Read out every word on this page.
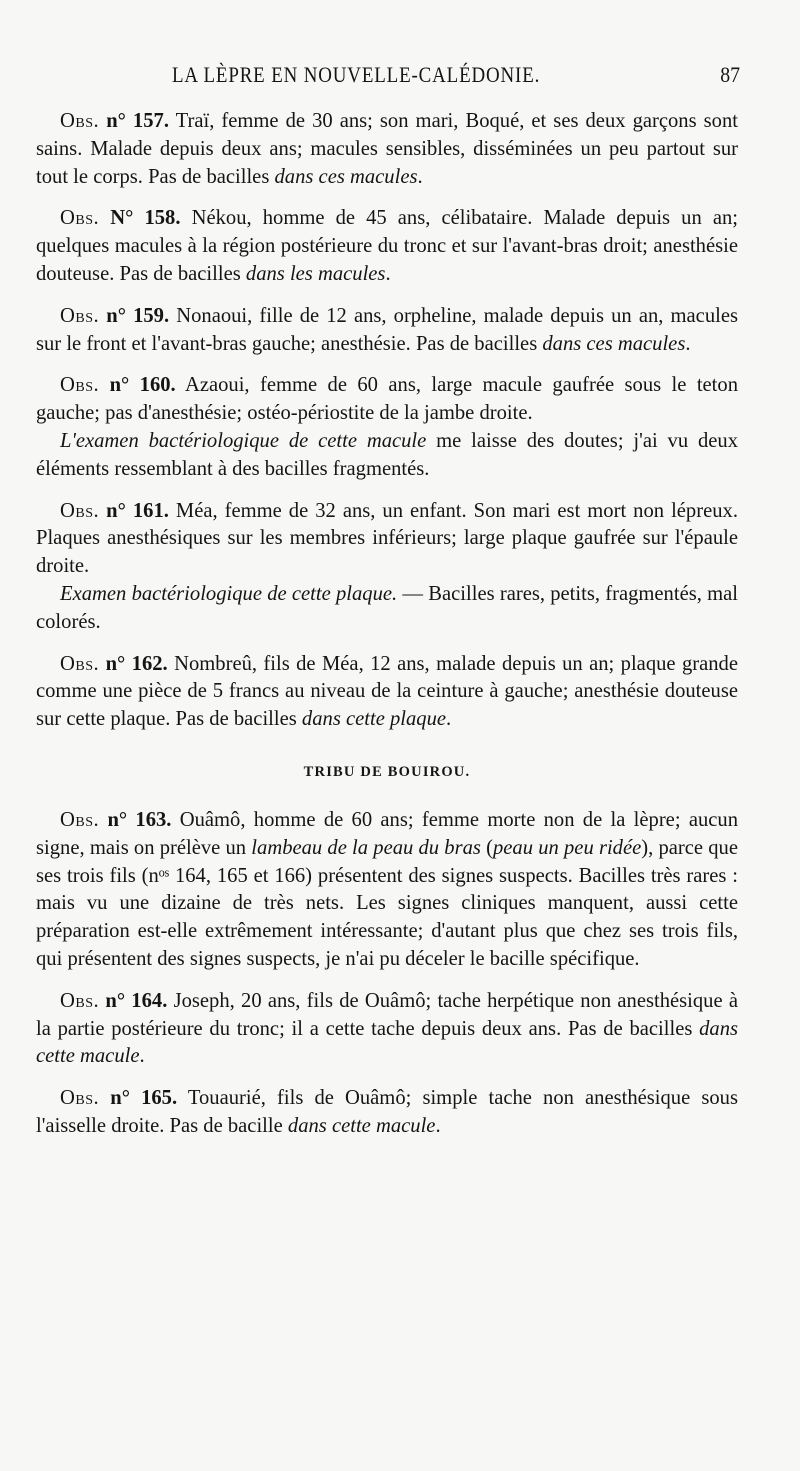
LA LÈPRE EN NOUVELLE-CALÉDONIE.	87

Obs. n° 157. Traï, femme de 30 ans; son mari, Boqué, et ses deux garçons sont sains. Malade depuis deux ans; macules sensibles, disséminées un peu partout sur tout le corps. Pas de bacilles dans ces macules.

Obs. N° 158. Nékou, homme de 45 ans, célibataire. Malade depuis un an; quelques macules à la région postérieure du tronc et sur l'avant-bras droit; anesthésie douteuse. Pas de bacilles dans les macules.

Obs. n° 159. Nonaoui, fille de 12 ans, orpheline, malade depuis un an, macules sur le front et l'avant-bras gauche; anesthésie. Pas de bacilles dans ces macules.

Obs. n° 160. Azaoui, femme de 60 ans, large macule gaufrée sous le teton gauche; pas d'anesthésie; ostéo-périostite de la jambe droite.

L'examen bactériologique de cette macule me laisse des doutes; j'ai vu deux éléments ressemblant à des bacilles fragmentés.

Obs. n° 161. Méa, femme de 32 ans, un enfant. Son mari est mort non lépreux. Plaques anesthésiques sur les membres inférieurs; large plaque gaufrée sur l'épaule droite.

Examen bactériologique de cette plaque. — Bacilles rares, petits, fragmentés, mal colorés.

Obs. n° 162. Nombreû, fils de Méa, 12 ans, malade depuis un an; plaque grande comme une pièce de 5 francs au niveau de la ceinture à gauche; anesthésie douteuse sur cette plaque. Pas de bacilles dans cette plaque.

TRIBU DE BOUIROU.

Obs. n° 163. Ouâmô, homme de 60 ans; femme morte non de la lèpre; aucun signe, mais on prélève un lambeau de la peau du bras (peau un peu ridée), parce que ses trois fils (nᵒˢ 164, 165 et 166) présentent des signes suspects. Bacilles très rares : mais vu une dizaine de très nets. Les signes cliniques manquent, aussi cette préparation est-elle extrêmement intéressante; d'autant plus que chez ses trois fils, qui présentent des signes suspects, je n'ai pu déceler le bacille spécifique.

Obs. n° 164. Joseph, 20 ans, fils de Ouâmô; tache herpétique non anesthésique à la partie postérieure du tronc; il a cette tache depuis deux ans. Pas de bacilles dans cette macule.

Obs. n° 165. Touaurié, fils de Ouâmô; simple tache non anesthésique sous l'aisselle droite. Pas de bacille dans cette macule.
